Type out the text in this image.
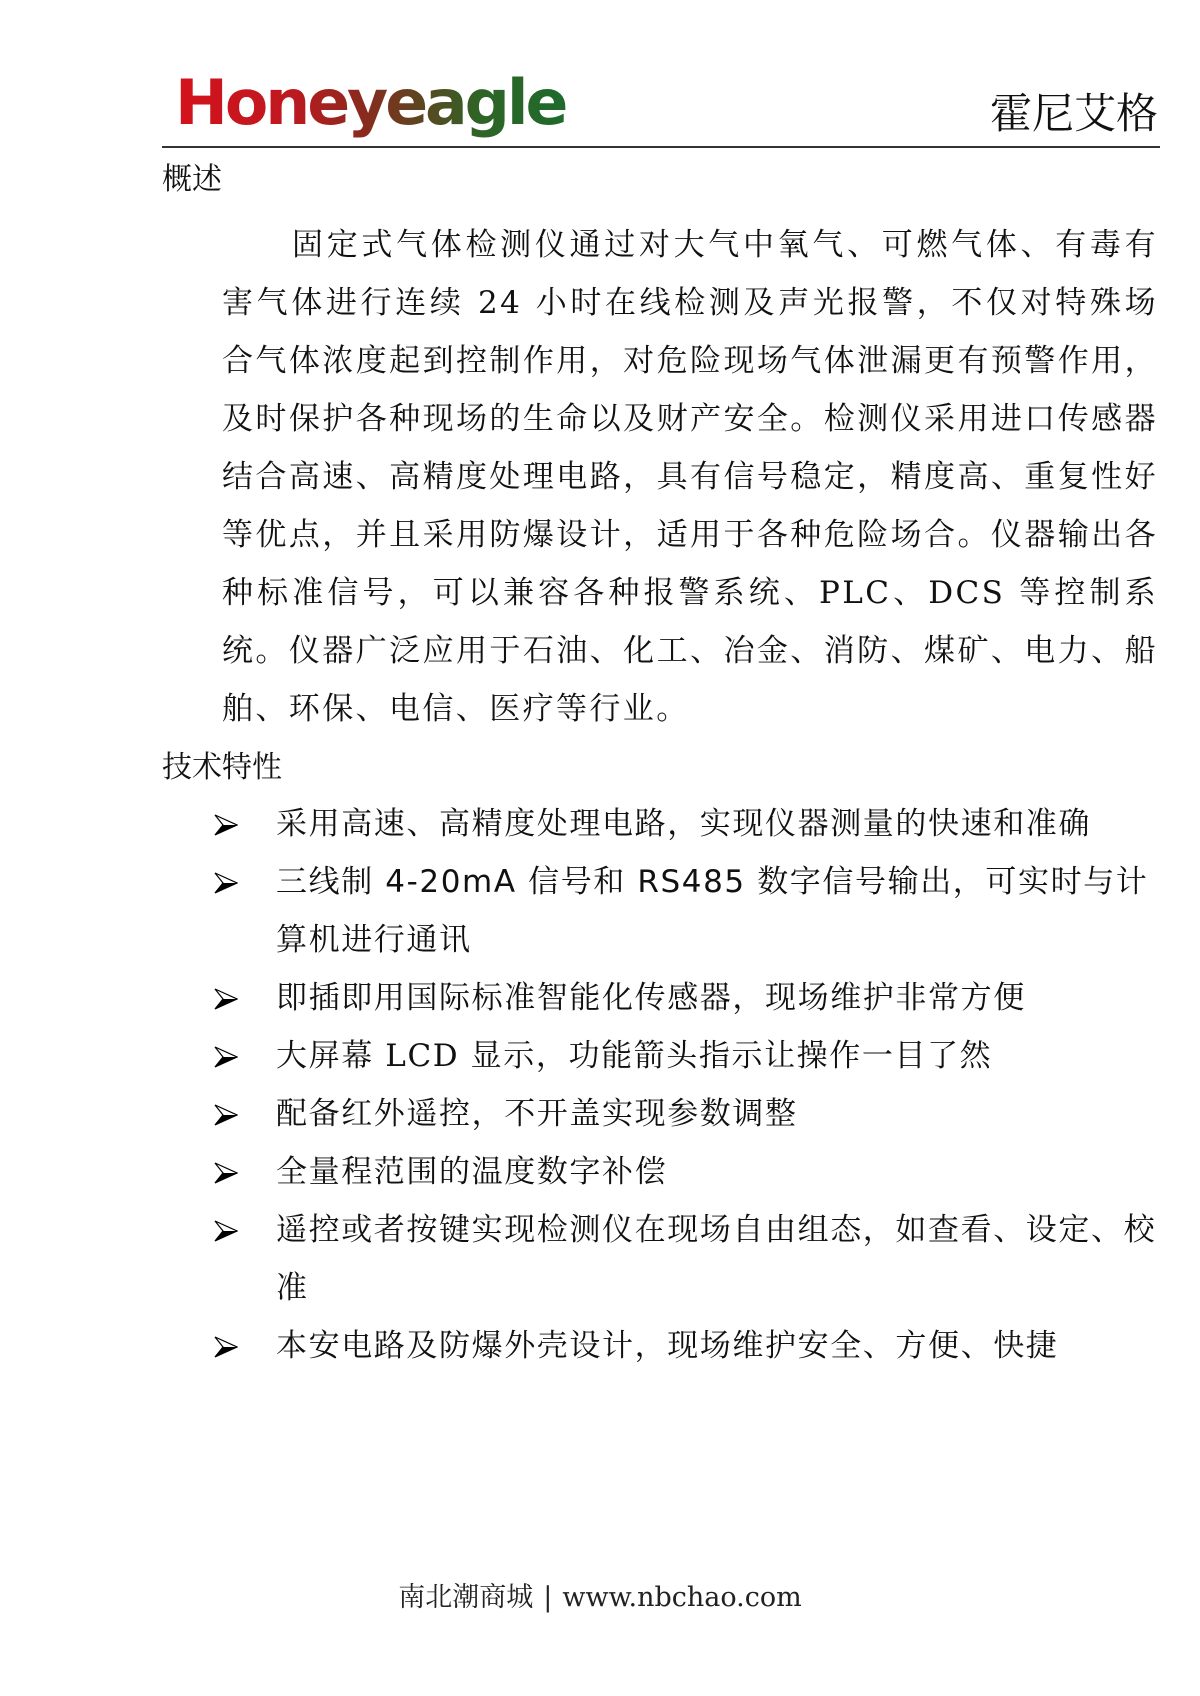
Honeyeagle	霍尼艾格
概述
固定式气体检测仪通过对大气中氧气、可燃气体、有毒有害气体进行连续 24 小时在线检测及声光报警，不仅对特殊场合气体浓度起到控制作用，对危险现场气体泄漏更有预警作用，及时保护各种现场的生命以及财产安全。检测仪采用进口传感器结合高速、高精度处理电路，具有信号稳定，精度高、重复性好等优点，并且采用防爆设计，适用于各种危险场合。仪器输出各种标准信号，可以兼容各种报警系统、PLC、DCS 等控制系统。仪器广泛应用于石油、化工、冶金、消防、煤矿、电力、船舶、环保、电信、医疗等行业。
技术特性
采用高速、高精度处理电路，实现仪器测量的快速和准确
三线制 4-20mA 信号和 RS485 数字信号输出，可实时与计算机进行通讯
即插即用国际标准智能化传感器，现场维护非常方便
大屏幕 LCD 显示，功能箭头指示让操作一目了然
配备红外遥控，不开盖实现参数调整
全量程范围的温度数字补偿
遥控或者按键实现检测仪在现场自由组态，如查看、设定、校准
本安电路及防爆外壳设计，现场维护安全、方便、快捷
南北潮商城 | www.nbchao.com
